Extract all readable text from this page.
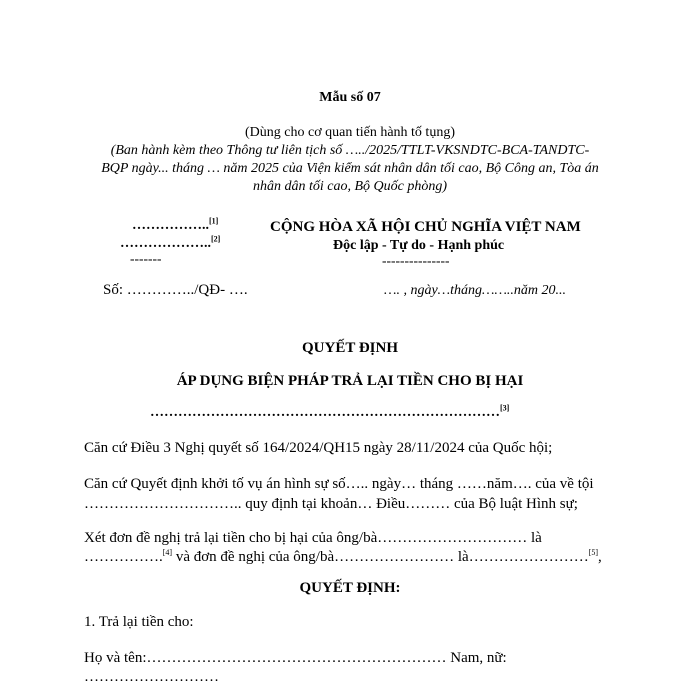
Mẫu số 07
(Dùng cho cơ quan tiến hành tố tụng)
(Ban hành kèm theo Thông tư liên tịch số …../2025/TTLT-VKSNDTC-BCA-TANDTC-
BQP ngày... tháng … năm 2025 của Viện kiểm sát nhân dân tối cao, Bộ Công an, Tòa án
nhân dân tối cao, Bộ Quốc phòng)
……………..[1]
………………..[2]
-------
Số: …………../QĐ- ….
CỘNG HÒA XÃ HỘI CHỦ NGHĨA VIỆT NAM
Độc lập - Tự do - Hạnh phúc
---------------
…. , ngày…tháng……..năm 20...
QUYẾT ĐỊNH
ÁP DỤNG BIỆN PHÁP TRẢ LẠI TIỀN CHO BỊ HẠI
…………………………………………………………………[3]
Căn cứ Điều 3 Nghị quyết số 164/2024/QH15 ngày 28/11/2024 của Quốc hội;
Căn cứ Quyết định khởi tố vụ án hình sự số….. ngày… tháng ……năm…. của về tội
………………………….. quy định tại khoản… Điều……… của Bộ luật Hình sự;
Xét đơn đề nghị trả lại tiền cho bị hại của ông/bà………………………… là
…………….[4] và đơn đề nghị của ông/bà…………………… là……………………[5],
QUYẾT ĐỊNH:
1. Trả lại tiền cho:
Họ và tên:…………………………………………………… Nam, nữ:
………………………
